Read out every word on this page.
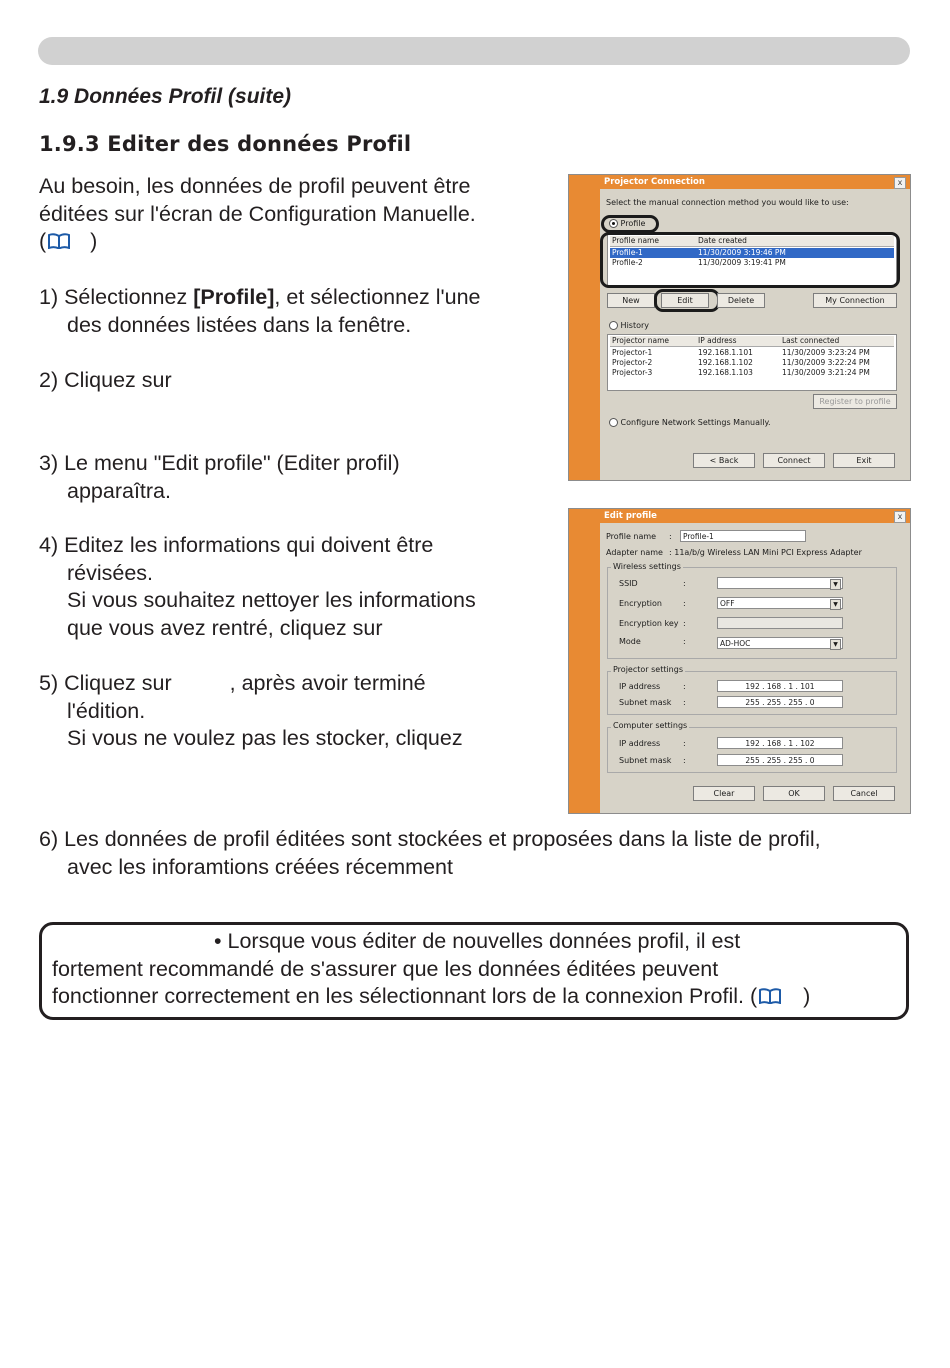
1.9 Données Profil (suite)
1.9.3 Editer des données Profil
Au besoin, les données de profil peuvent être
éditées sur l'écran de Configuration Manuelle.
( )
1) Sélectionnez [Profile], et sélectionnez l'une
des données listées dans la fenêtre.
2) Cliquez sur
3) Le menu "Edit profile" (Editer profil)
apparaîtra.
4) Editez les informations qui doivent être
révisées.
Si vous souhaitez nettoyer les informations
que vous avez rentré, cliquez sur
5) Cliquez sur	, après avoir terminé
l'édition.
Si vous ne voulez pas les stocker, cliquez
6) Les données de profil éditées sont stockées et proposées dans la liste de profil,
avec les inforamtions créées récemment
Projector Connection	x
Select the manual connection method you would like to use:
Profile
Profile name	Date created
Profile-1	11/30/2009 3:19:46 PM
Profile-2	11/30/2009 3:19:41 PM
New	Edit	Delete	My Connection
History
Projector name	IP address	Last connected
Projector-1	192.168.1.101	11/30/2009 3:23:24 PM
Projector-2	192.168.1.102	11/30/2009 3:22:24 PM
Projector-3	192.168.1.103	11/30/2009 3:21:24 PM
Register to profile
Configure Network Settings Manually.
< Back	Connect	Exit
Edit profile	x
Profile name :	Profile-1
Adapter name : 11a/b/g Wireless LAN Mini PCI Express Adapter
Wireless settings
SSID	:	▼
Encryption	:	OFF	▼
Encryption key :
Mode	:	AD-HOC	▼
Projector settings
IP address	:	192 . 168 . 1 . 101
Subnet mask :	255 . 255 . 255 . 0
Computer settings
IP address	:	192 . 168 . 1 . 102
Subnet mask :	255 . 255 . 255 . 0
Clear	OK	Cancel
• Lorsque vous éditer de nouvelles données profil, il est
fortement recommandé de s'assurer que les données éditées peuvent
fonctionner correctement en les sélectionnant lors de la connexion Profil. ( )
